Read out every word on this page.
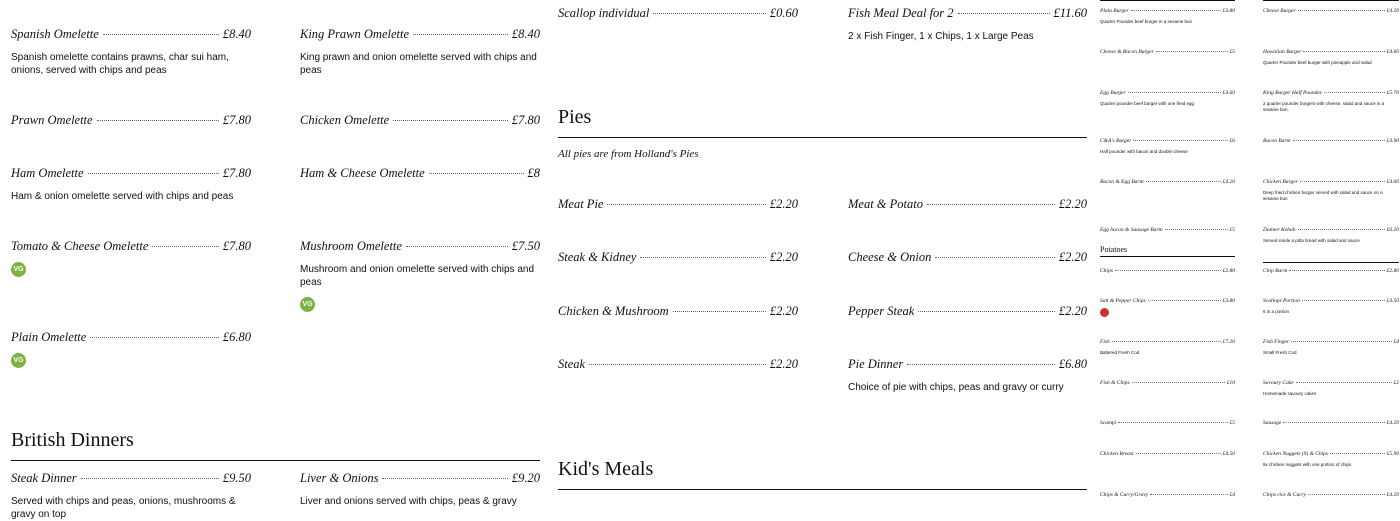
Spanish Omelette	£8.40
Spanish omelette contains prawns, char sui ham, onions, served with chips and peas
Prawn Omelette	£7.80
Ham Omelette	£7.80
Ham & onion omelette served with chips and peas
Tomato & Cheese Omelette	£7.80
VG
Plain Omelette	£6.80
VG
Steak Dinner	£9.50
Served with chips and peas, onions, mushrooms & gravy on top
British Dinners
King Prawn Omelette	£8.40
King prawn and onion omelette served with chips and peas
Chicken Omelette	£7.80
Ham & Cheese Omelette	£8
Mushroom Omelette	£7.50
Mushroom and onion omelette served with chips and peas
VG
Liver & Onions	£9.20
Liver and onions served with chips, peas & gravy
Scallop individual	£0.60
Meat Pie	£2.20
Steak & Kidney	£2.20
Chicken & Mushroom	£2.20
Steak	£2.20
All pies are from Holland's Pies
Pies
Kid's Meals
Fish Meal Deal for 2	£11.60
2 x Fish Finger, 1 x Chips, 1 x Large Peas
Meat & Potato	£2.20
Cheese & Onion	£2.20
Pepper Steak	£2.20
Pie Dinner	£6.80
Choice of pie with chips, peas and gravy or curry
Plain Burger	£3.80
Quarter Pounder beef burger in a sesame bun
Cheese & Bacon Burger	£5
Egg Burger	£4.60
Quarter pounder beef burger with one fried egg
C&A's Burger	£6
Half pounder with bacon and double cheese
Bacon & Egg Barm	£4.20
Egg bacon & Sausage Barm	£5
Potatoes
Chips	£2.80
Salt & Pepper Chips	£3.80
Fish	£7.20
Battered Fresh Cod
Fish & Chips	£10
Scampi	£5
Chicken Breast	£4.50
Chips & Curry/Gravy	£4
Cheese Burger	£4.20
Hawaiian Burger	£4.60
Quarter Pounder beef burger with pineapple and salad
King Burger Half Pounder	£5.70
2 quarter pounder burgers with cheese, salad and sauce in a sesame bun.
Bacon Barm	£3.90
Chicken Burger	£4.60
Deep fried chicken burger served with salad and sauce on a sesame bun
Donner Kebab	£6.20
Served inside a pitta bread with salad and sauce
Chip Barm	£2.80
Scallops Portion	£3.50
6 in a portion
Fish Finger	£4
Small Fresh Cod
Savoury Cake	£2
Homemade savoury cakes
Sausage	£4.20
Chicken Nuggets (9) & Chips	£5.90
9x chicken nuggets with one portion of chips
Chips rice & Curry	£4.20
